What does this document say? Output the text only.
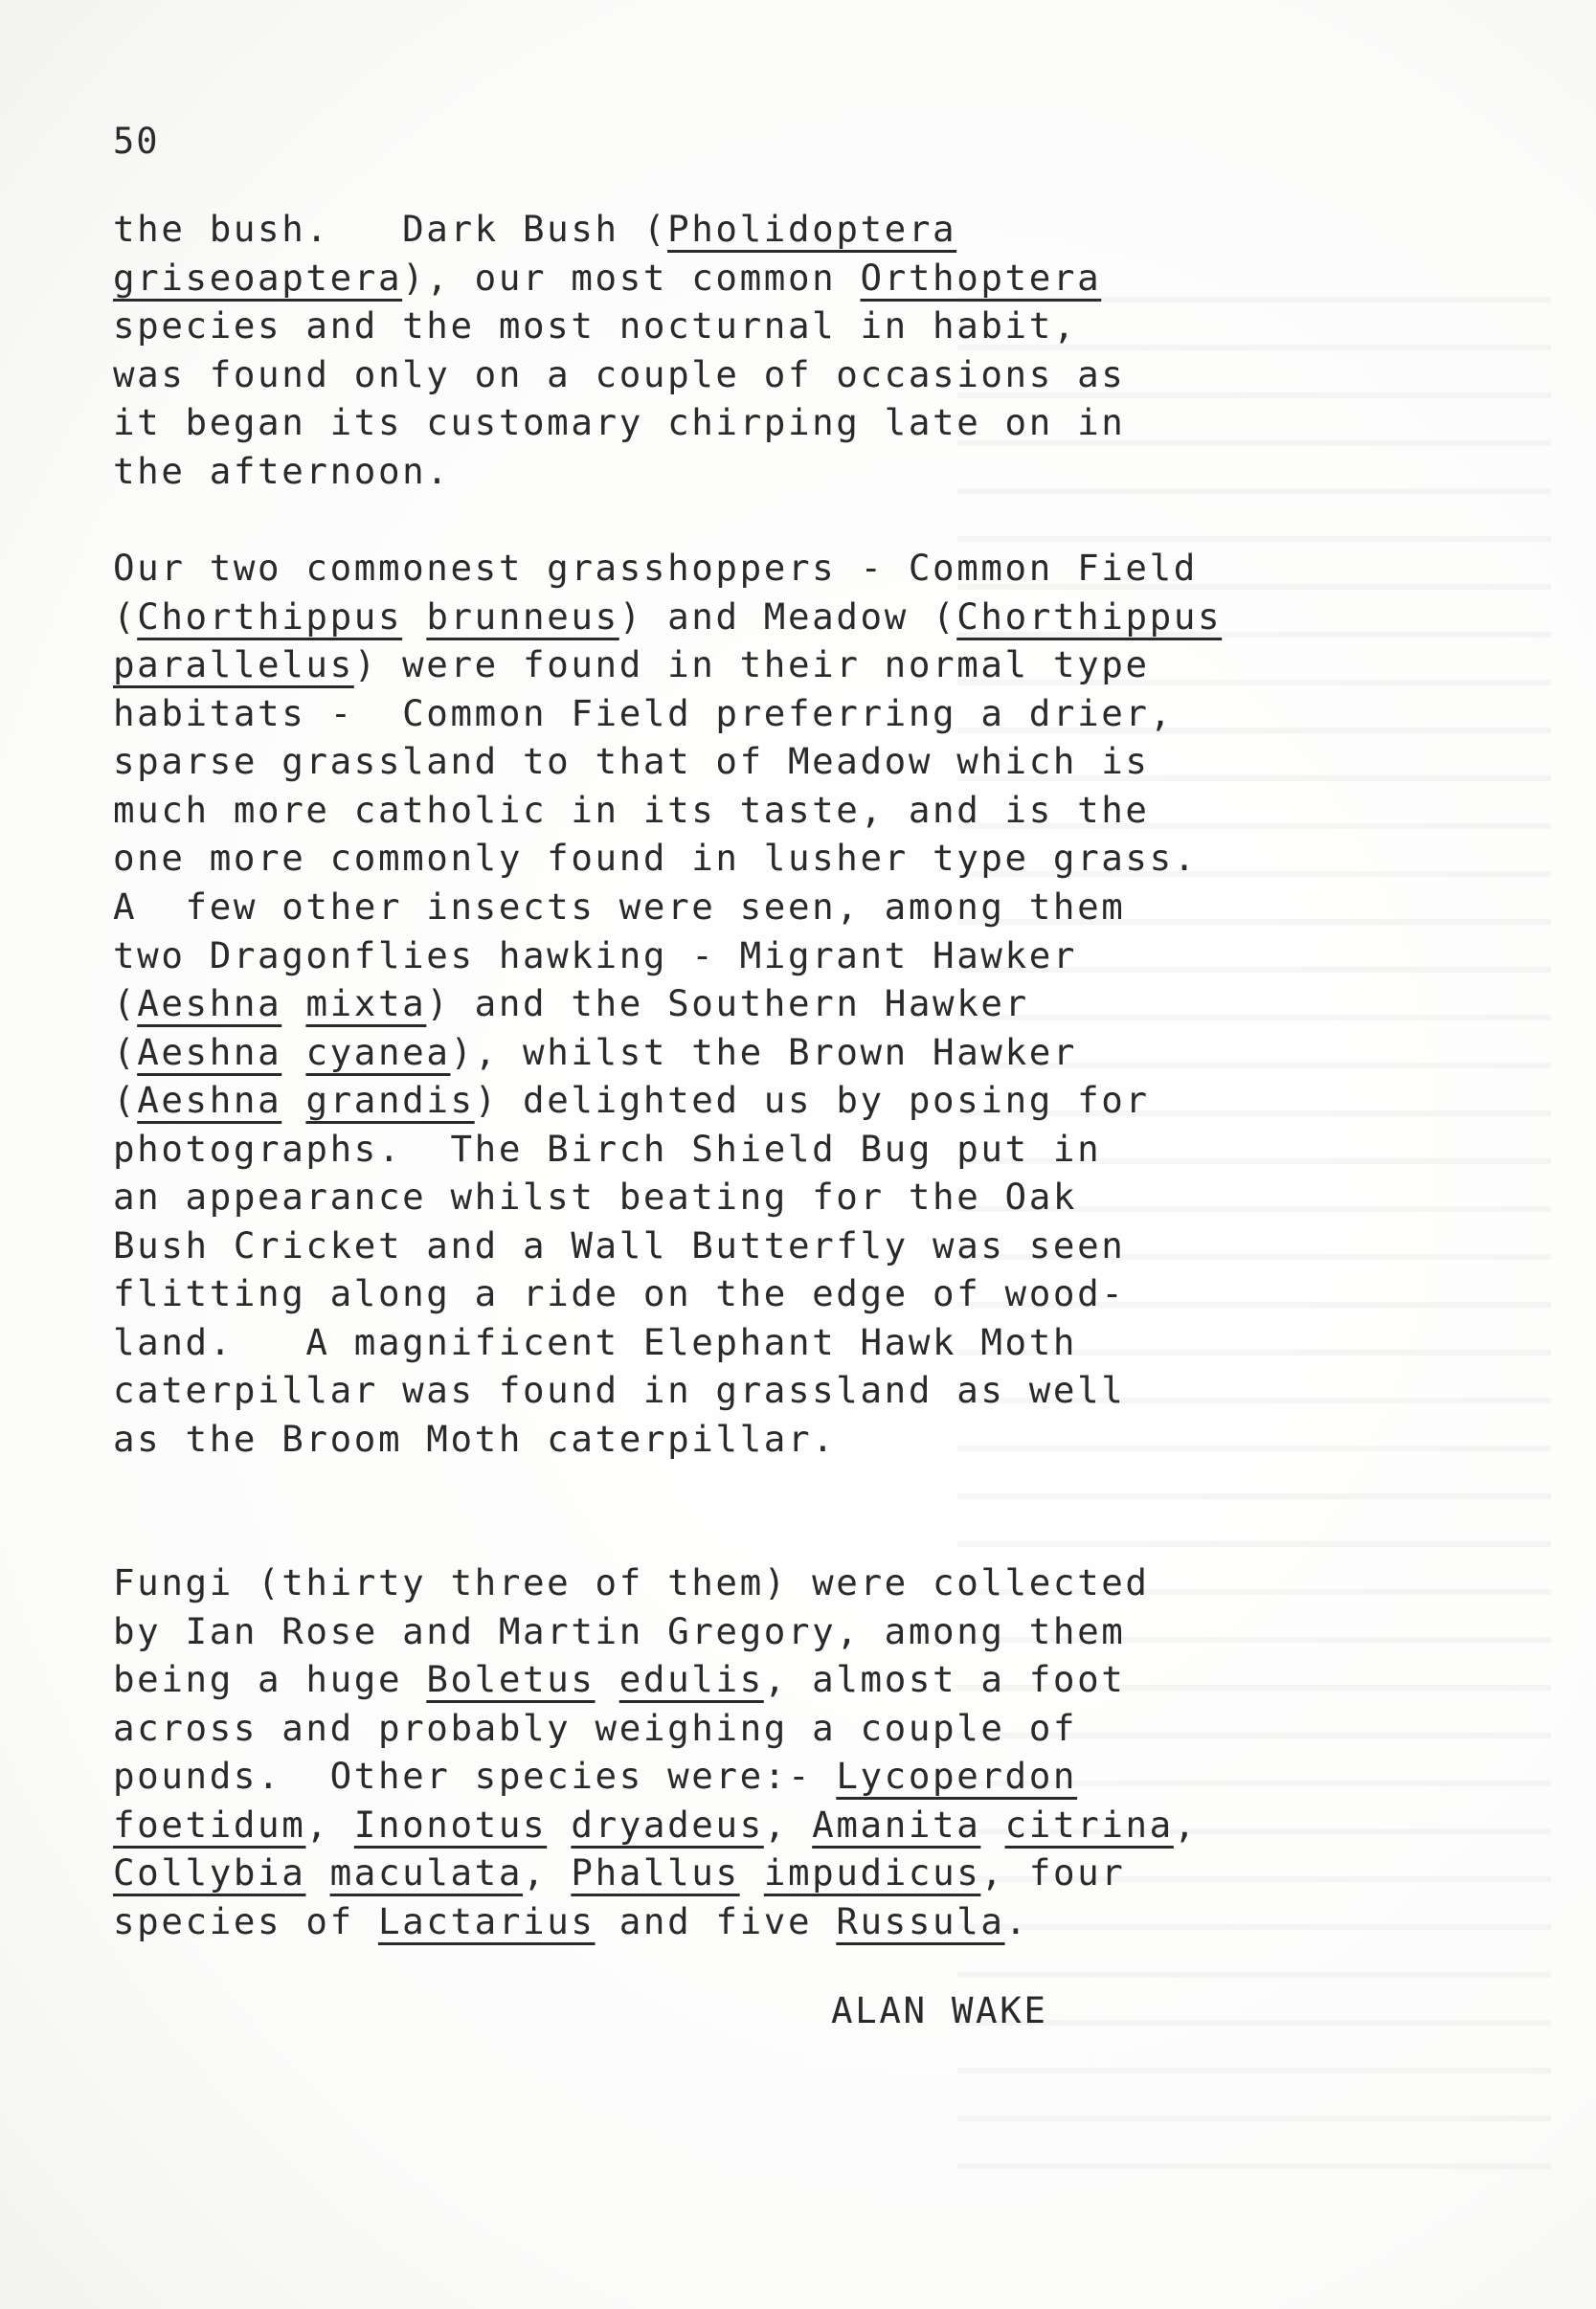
50
the bush.   Dark Bush (Pholidoptera
griseoaptera), our most common Orthoptera
species and the most nocturnal in habit,
was found only on a couple of occasions as
it began its customary chirping late on in
the afternoon.
Our two commonest grasshoppers - Common Field
(Chorthippus brunneus) and Meadow (Chorthippus
parallelus) were found in their normal type
habitats -  Common Field preferring a drier,
sparse grassland to that of Meadow which is
much more catholic in its taste, and is the
one more commonly found in lusher type grass.
A  few other insects were seen, among them
two Dragonflies hawking - Migrant Hawker
(Aeshna mixta) and the Southern Hawker
(Aeshna cyanea), whilst the Brown Hawker
(Aeshna grandis) delighted us by posing for
photographs.  The Birch Shield Bug put in
an appearance whilst beating for the Oak
Bush Cricket and a Wall Butterfly was seen
flitting along a ride on the edge of wood-
land.   A magnificent Elephant Hawk Moth
caterpillar was found in grassland as well
as the Broom Moth caterpillar.
Fungi (thirty three of them) were collected
by Ian Rose and Martin Gregory, among them
being a huge Boletus edulis, almost a foot
across and probably weighing a couple of
pounds.  Other species were:- Lycoperdon
foetidum, Inonotus dryadeus, Amanita citrina,
Collybia maculata, Phallus impudicus, four
species of Lactarius and five Russula.
ALAN WAKE
